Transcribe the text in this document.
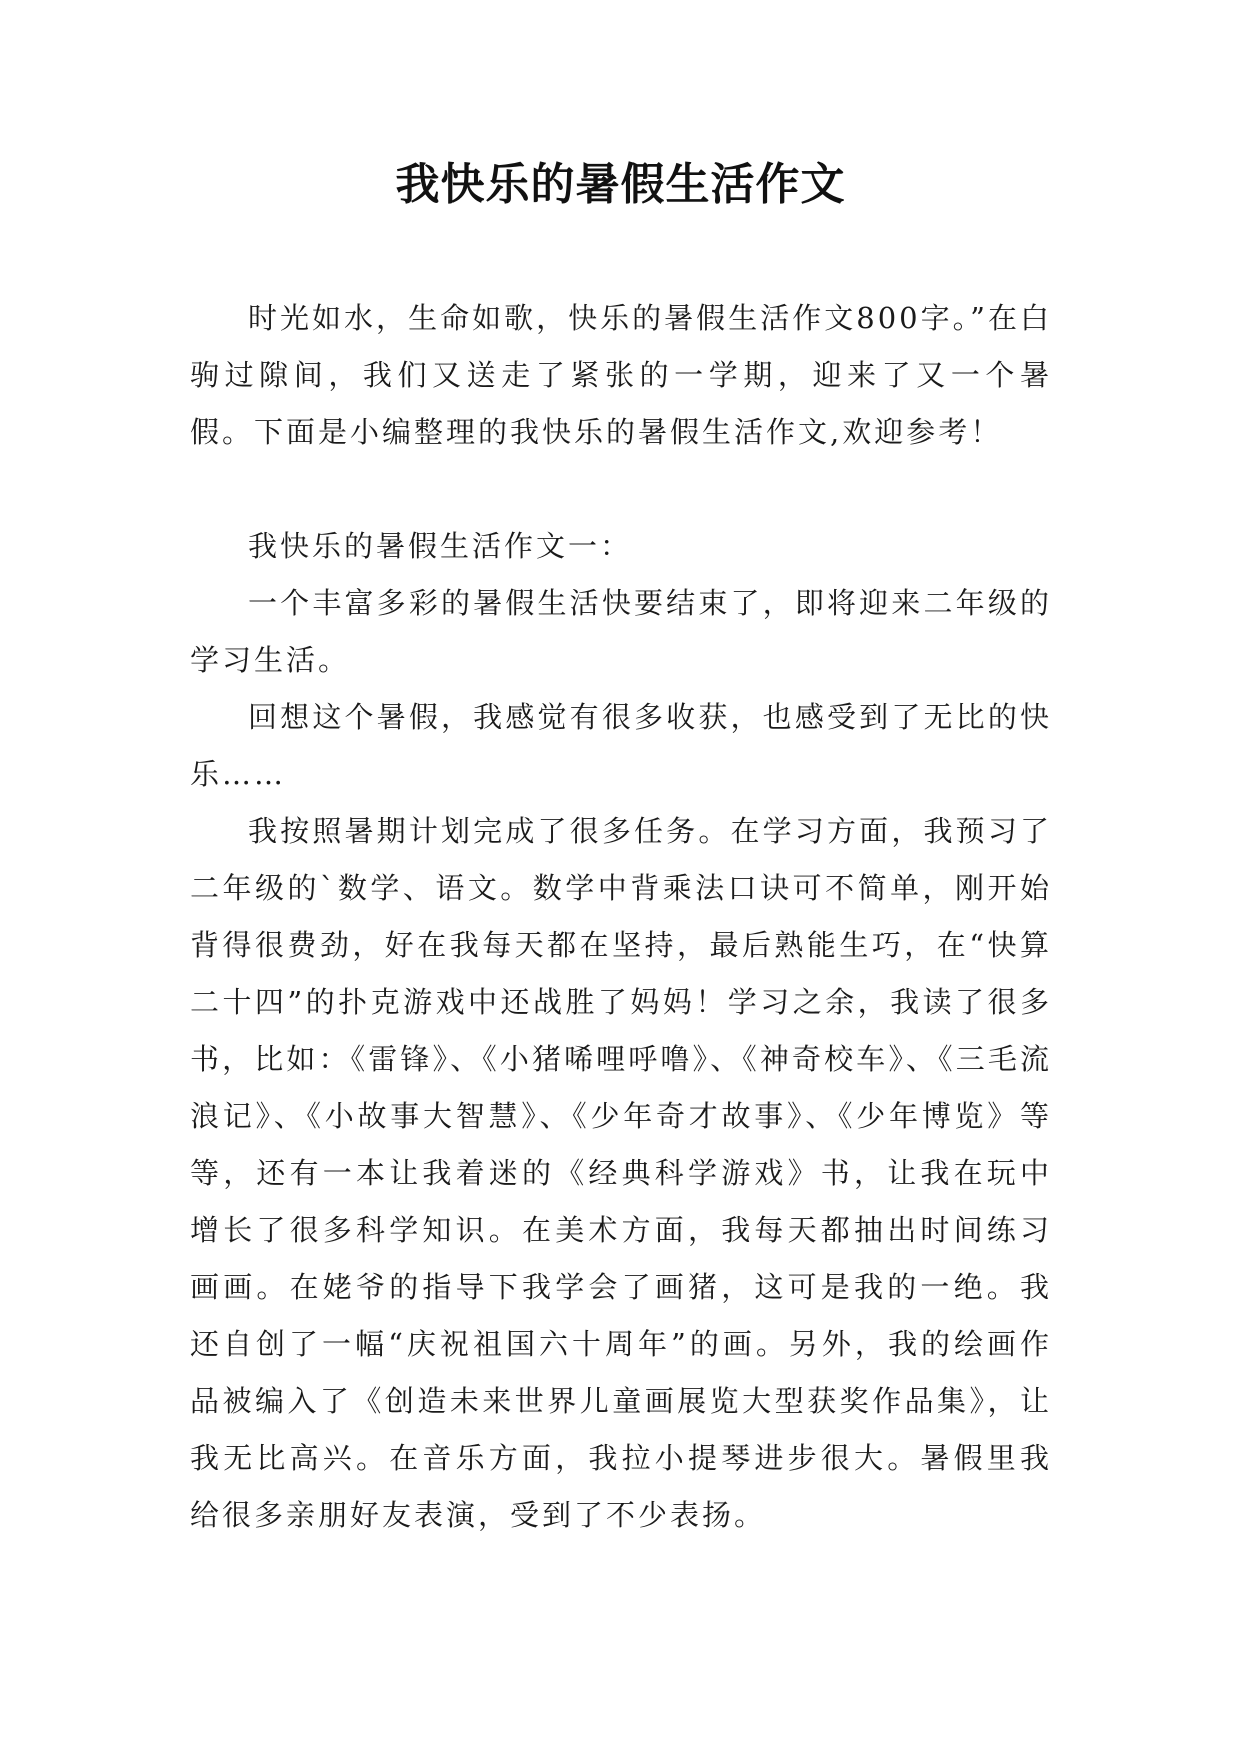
我快乐的暑假生活作文

时光如水，生命如歌，快乐的暑假生活作文800字。”在白驹过隙间，我们又送走了紧张的一学期，迎来了又一个暑假。下面是小编整理的我快乐的暑假生活作文,欢迎参考！

我快乐的暑假生活作文一：

一个丰富多彩的暑假生活快要结束了，即将迎来二年级的学习生活。

回想这个暑假，我感觉有很多收获，也感受到了无比的快乐……

我按照暑期计划完成了很多任务。在学习方面，我预习了二年级的`数学、语文。数学中背乘法口诀可不简单，刚开始背得很费劲，好在我每天都在坚持，最后熟能生巧，在“快算二十四”的扑克游戏中还战胜了妈妈！学习之余，我读了很多书，比如：《雷锋》、《小猪唏哩呼噜》、《神奇校车》、《三毛流浪记》、《小故事大智慧》、《少年奇才故事》、《少年博览》等等，还有一本让我着迷的《经典科学游戏》书，让我在玩中增长了很多科学知识。在美术方面，我每天都抽出时间练习画画。在姥爷的指导下我学会了画猪，这可是我的一绝。我还自创了一幅“庆祝祖国六十周年”的画。另外，我的绘画作品被编入了《创造未来世界儿童画展览大型获奖作品集》，让我无比高兴。在音乐方面，我拉小提琴进步很大。暑假里我给很多亲朋好友表演，受到了不少表扬。
